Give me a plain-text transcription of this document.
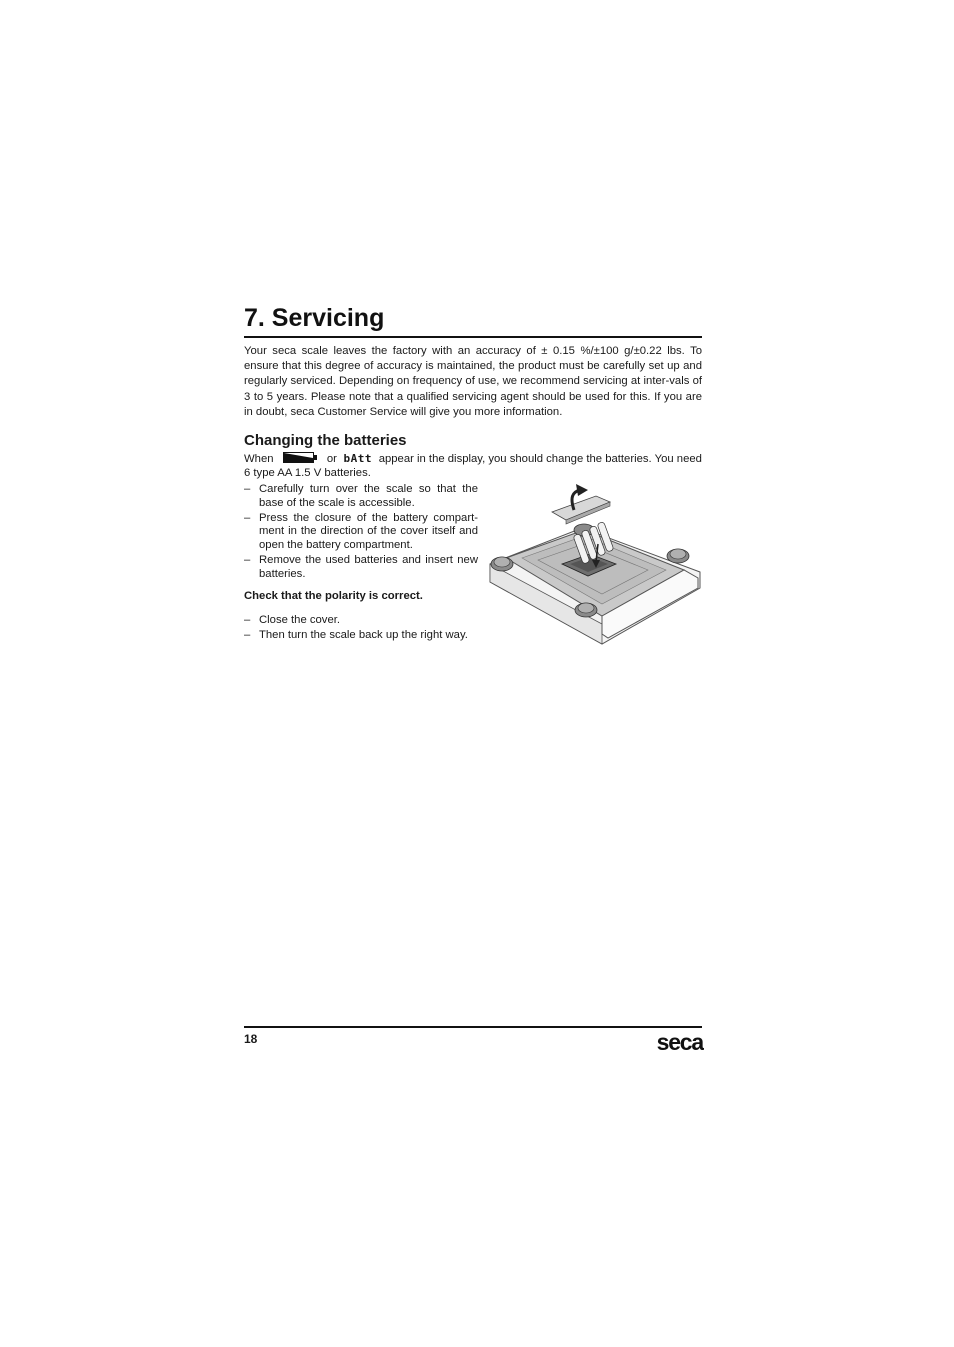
7. Servicing

Your seca scale leaves the factory with an accuracy of ± 0.15 %/±100 g/±0.22 lbs. To ensure that this degree of accuracy is maintained, the product must be carefully set up and regularly serviced. Depending on frequency of use, we recommend servicing at inter-vals of 3 to 5 years. Please note that a qualified servicing agent should be used for this. If you are in doubt, seca Customer Service will give you more information.

Changing the batteries
When	or bAtt appear in the display, you should change the batteries. You need
6 type AA 1.5 V batteries.
– Carefully turn over the scale so that the base of the scale is accessible.
– Press the closure of the battery compart-ment in the direction of the cover itself and open the battery compartment.
– Remove the used batteries and insert new batteries.

Check that the polarity is correct.

– Close the cover.
– Then turn the scale back up the right way.
18	seca
